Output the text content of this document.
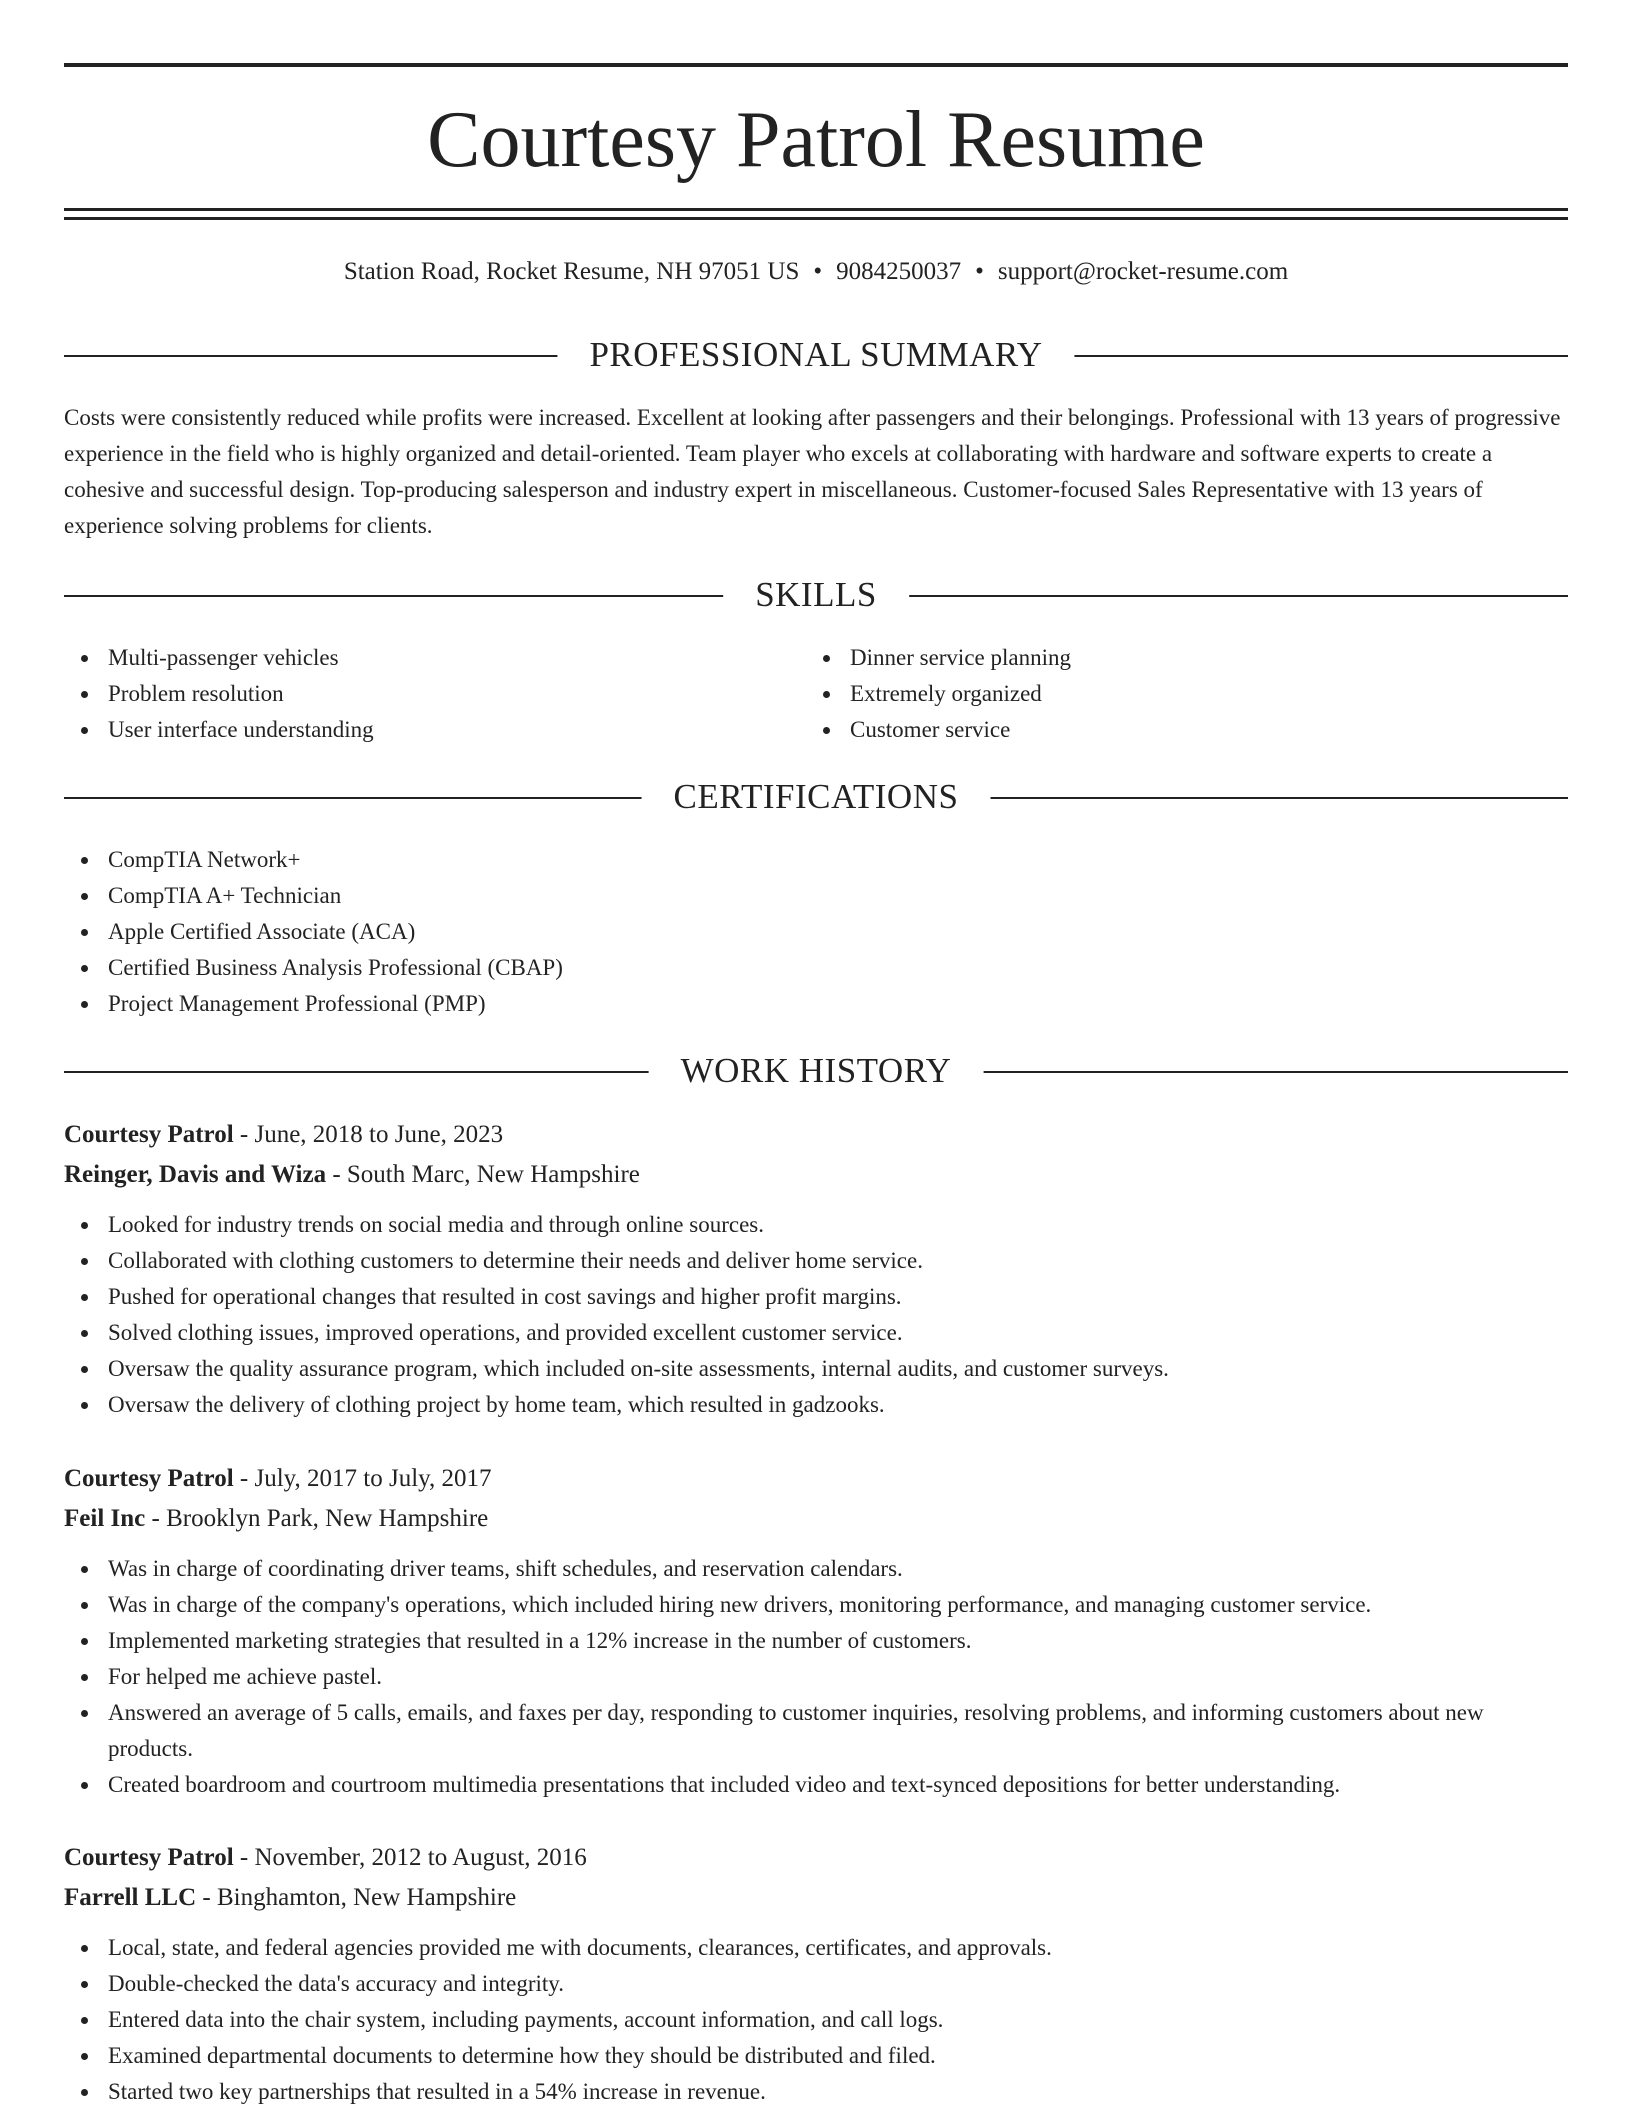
Courtesy Patrol Resume
Station Road, Rocket Resume, NH 97051 US • 9084250037 • support@rocket-resume.com
PROFESSIONAL SUMMARY

Costs were consistently reduced while profits were increased. Excellent at looking after passengers and their belongings. Professional with 13 years of progressive experience in the field who is highly organized and detail-oriented. Team player who excels at collaborating with hardware and software experts to create a cohesive and successful design. Top-producing salesperson and industry expert in miscellaneous. Customer-focused Sales Representative with 13 years of experience solving problems for clients.

SKILLS
Multi-passenger vehicles
Problem resolution
User interface understanding
Dinner service planning
Extremely organized
Customer service
CERTIFICATIONS
CompTIA Network+
CompTIA A+ Technician
Apple Certified Associate (ACA)
Certified Business Analysis Professional (CBAP)
Project Management Professional (PMP)
WORK HISTORY
Courtesy Patrol - June, 2018 to June, 2023
Reinger, Davis and Wiza - South Marc, New Hampshire
Looked for industry trends on social media and through online sources.
Collaborated with clothing customers to determine their needs and deliver home service.
Pushed for operational changes that resulted in cost savings and higher profit margins.
Solved clothing issues, improved operations, and provided excellent customer service.
Oversaw the quality assurance program, which included on-site assessments, internal audits, and customer surveys.
Oversaw the delivery of clothing project by home team, which resulted in gadzooks.
Courtesy Patrol - July, 2017 to July, 2017
Feil Inc - Brooklyn Park, New Hampshire
Was in charge of coordinating driver teams, shift schedules, and reservation calendars.
Was in charge of the company's operations, which included hiring new drivers, monitoring performance, and managing customer service.
Implemented marketing strategies that resulted in a 12% increase in the number of customers.
For helped me achieve pastel.
Answered an average of 5 calls, emails, and faxes per day, responding to customer inquiries, resolving problems, and informing customers about new products.
Created boardroom and courtroom multimedia presentations that included video and text-synced depositions for better understanding.
Courtesy Patrol - November, 2012 to August, 2016
Farrell LLC - Binghamton, New Hampshire
Local, state, and federal agencies provided me with documents, clearances, certificates, and approvals.
Double-checked the data's accuracy and integrity.
Entered data into the chair system, including payments, account information, and call logs.
Examined departmental documents to determine how they should be distributed and filed.
Started two key partnerships that resulted in a 54% increase in revenue.
